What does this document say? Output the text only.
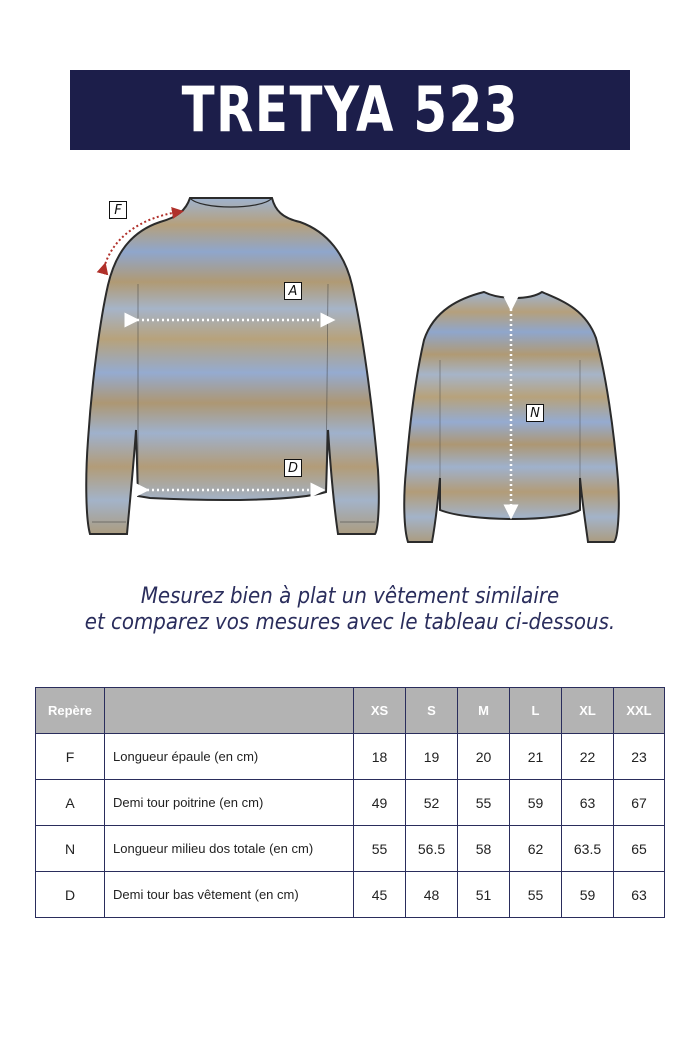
TRETYA 523
F
A
D
N
Mesurez bien à plat un vêtement similaire
et comparez vos mesures avec le tableau ci-dessous.
Repère		XS	S	M	L	XL	XXL
F	Longueur épaule (en cm)	18	19	20	21	22	23
A	Demi tour poitrine (en cm)	49	52	55	59	63	67
N	Longueur milieu dos totale (en cm)	55	56.5	58	62	63.5	65
D	Demi tour bas vêtement (en cm)	45	48	51	55	59	63
